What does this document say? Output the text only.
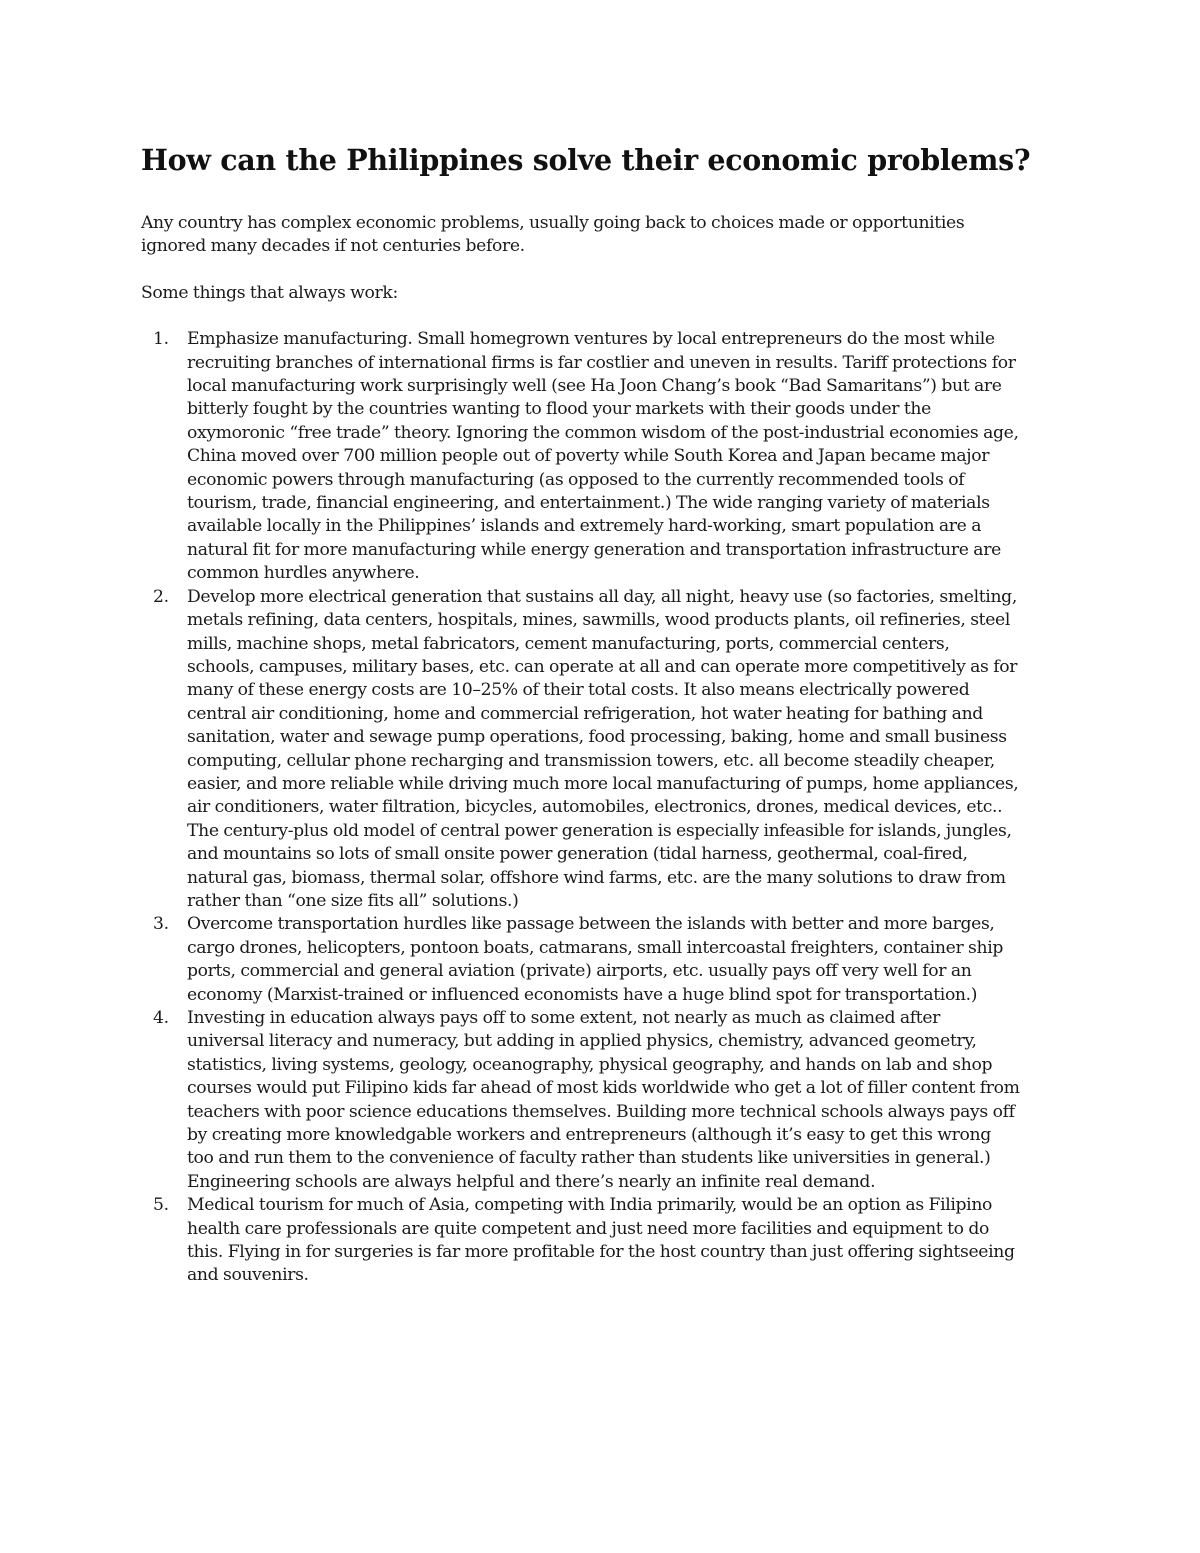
How can the Philippines solve their economic problems?

Any country has complex economic problems, usually going back to choices made or opportunities ignored many decades if not centuries before.

Some things that always work:

1. Emphasize manufacturing. Small homegrown ventures by local entrepreneurs do the most while recruiting branches of international firms is far costlier and uneven in results. Tariff protections for local manufacturing work surprisingly well (see Ha Joon Chang’s book “Bad Samaritans”) but are bitterly fought by the countries wanting to flood your markets with their goods under the oxymoronic “free trade” theory. Ignoring the common wisdom of the post-industrial economies age, China moved over 700 million people out of poverty while South Korea and Japan became major economic powers through manufacturing (as opposed to the currently recommended tools of tourism, trade, financial engineering, and entertainment.) The wide ranging variety of materials available locally in the Philippines’ islands and extremely hard-working, smart population are a natural fit for more manufacturing while energy generation and transportation infrastructure are common hurdles anywhere.
2. Develop more electrical generation that sustains all day, all night, heavy use (so factories, smelting, metals refining, data centers, hospitals, mines, sawmills, wood products plants, oil refineries, steel mills, machine shops, metal fabricators, cement manufacturing, ports, commercial centers, schools, campuses, military bases, etc. can operate at all and can operate more competitively as for many of these energy costs are 10–25% of their total costs. It also means electrically powered central air conditioning, home and commercial refrigeration, hot water heating for bathing and sanitation, water and sewage pump operations, food processing, baking, home and small business computing, cellular phone recharging and transmission towers, etc. all become steadily cheaper, easier, and more reliable while driving much more local manufacturing of pumps, home appliances, air conditioners, water filtration, bicycles, automobiles, electronics, drones, medical devices, etc.. The century-plus old model of central power generation is especially infeasible for islands, jungles, and mountains so lots of small onsite power generation (tidal harness, geothermal, coal-fired, natural gas, biomass, thermal solar, offshore wind farms, etc. are the many solutions to draw from rather than “one size fits all” solutions.)
3. Overcome transportation hurdles like passage between the islands with better and more barges, cargo drones, helicopters, pontoon boats, catmarans, small intercoastal freighters, container ship ports, commercial and general aviation (private) airports, etc. usually pays off very well for an economy (Marxist-trained or influenced economists have a huge blind spot for transportation.)
4. Investing in education always pays off to some extent, not nearly as much as claimed after universal literacy and numeracy, but adding in applied physics, chemistry, advanced geometry, statistics, living systems, geology, oceanography, physical geography, and hands on lab and shop courses would put Filipino kids far ahead of most kids worldwide who get a lot of filler content from teachers with poor science educations themselves. Building more technical schools always pays off by creating more knowledgable workers and entrepreneurs (although it’s easy to get this wrong too and run them to the convenience of faculty rather than students like universities in general.) Engineering schools are always helpful and there’s nearly an infinite real demand.
5. Medical tourism for much of Asia, competing with India primarily, would be an option as Filipino health care professionals are quite competent and just need more facilities and equipment to do this. Flying in for surgeries is far more profitable for the host country than just offering sightseeing and souvenirs.
